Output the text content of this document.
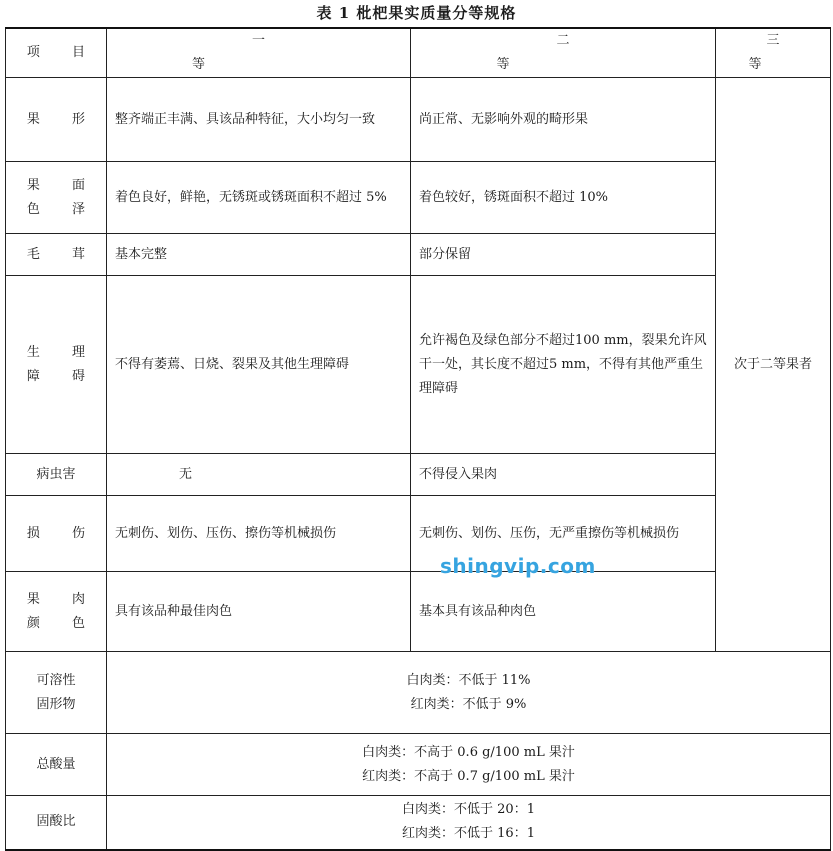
表 1 枇杷果实质量分等规格
项 目	一 等	二 等	三 等

果 形	整齐端正丰满、具该品种特征，大小均匀一致	尚正常、无影响外观的畸形果	次于二等果者

果 面
色 泽	着色良好，鲜艳，无锈斑或锈斑面积不超过 5%	着色较好，锈斑面积不超过 10%	

毛 茸	基本完整	部分保留	

生 理
障 碍	不得有萎蔫、日烧、裂果及其他生理障碍	允许褐色及绿色部分不超过100 mm，裂果允许风干一处，其长度不超过5 mm，不得有其他严重生理障碍	

病虫害	无	不得侵入果肉	

损 伤	无刺伤、划伤、压伤、擦伤等机械损伤	无刺伤、划伤、压伤，无严重擦伤等机械损伤	

果 肉
颜 色	具有该品种最佳肉色	基本具有该品种肉色	

可溶性
固形物	白肉类：不低于 11%
红肉类：不低于 9%		

总酸量	白肉类：不高于 0.6 g/100 mL 果汁
红肉类：不高于 0.7 g/100 mL 果汁		

固酸比	白肉类：不低于 20：1
红肉类：不低于 16：1		
shingvip.com
